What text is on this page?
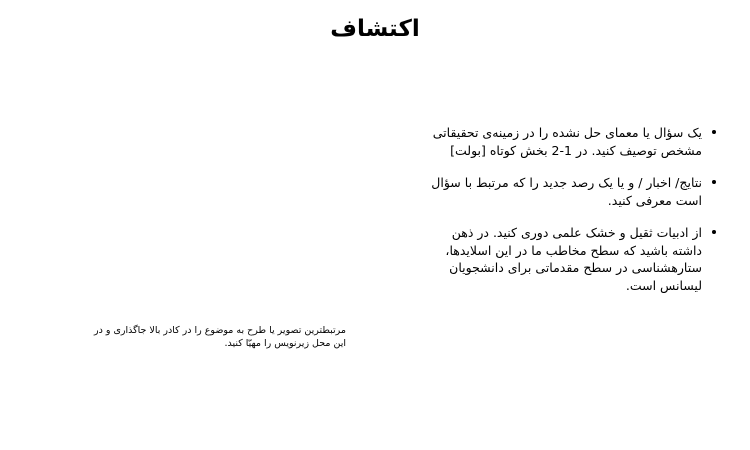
اکتشاف
یک سؤال یا معمای حل نشده را در زمینه‌ی تحقیقاتی مشخص توصیف کنید. در 1-2 بخش کوتاه [بولت]
نتایج/ اخبار / و یا یک رصد جدید را که مرتبط با سؤال است معرفی کنید.
از ادبیات ثقیل و خشک علمی دوری کنید. در ذهن داشته باشید که سطح مخاطب ما در این اسلایدها، ستارهشناسی در سطح مقدماتی برای دانشجویان لیسانس است.

مرتبطترین تصویر یا طرح به موضوع را در کادر بالا جاگذاری و در این محل زیرنویس را مهیّا کنید.
